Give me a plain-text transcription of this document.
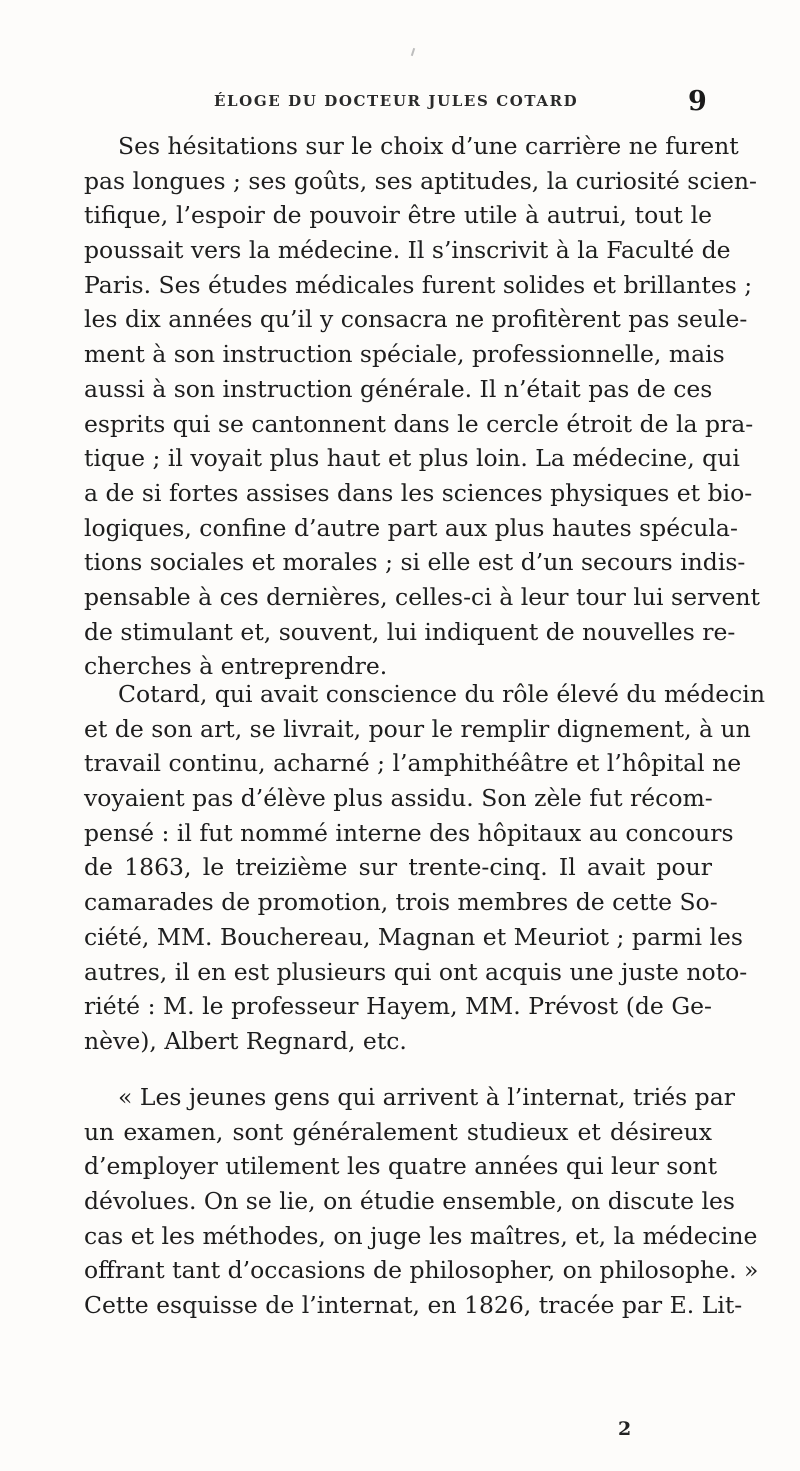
ÉLOGE DU DOCTEUR JULES COTARD	9
Ses hésitations sur le choix d’une carrière ne furent
pas longues ; ses goûts, ses aptitudes, la curiosité scien-
tifique, l’espoir de pouvoir être utile à autrui, tout le
poussait vers la médecine. Il s’inscrivit à la Faculté de
Paris. Ses études médicales furent solides et brillantes ;
les dix années qu’il y consacra ne profitèrent pas seule-
ment à son instruction spéciale, professionnelle, mais
aussi à son instruction générale. Il n’était pas de ces
esprits qui se cantonnent dans le cercle étroit de la pra-
tique ; il voyait plus haut et plus loin. La médecine, qui
a de si fortes assises dans les sciences physiques et bio-
logiques, confine d’autre part aux plus hautes spécula-
tions sociales et morales ; si elle est d’un secours indis-
pensable à ces dernières, celles-ci à leur tour lui servent
de stimulant et, souvent, lui indiquent de nouvelles re-
cherches à entreprendre.
Cotard, qui avait conscience du rôle élevé du médecin
et de son art, se livrait, pour le remplir dignement, à un
travail continu, acharné ; l’amphithéâtre et l’hôpital ne
voyaient pas d’élève plus assidu. Son zèle fut récom-
pensé : il fut nommé interne des hôpitaux au concours
de 1863, le treizième sur trente-cinq. Il avait pour
camarades de promotion, trois membres de cette So-
ciété, MM. Bouchereau, Magnan et Meuriot ; parmi les
autres, il en est plusieurs qui ont acquis une juste noto-
riété : M. le professeur Hayem, MM. Prévost (de Ge-
nève), Albert Regnard, etc.
« Les jeunes gens qui arrivent à l’internat, triés par
un examen, sont généralement studieux et désireux
d’employer utilement les quatre années qui leur sont
dévolues. On se lie, on étudie ensemble, on discute les
cas et les méthodes, on juge les maîtres, et, la médecine
offrant tant d’occasions de philosopher, on philosophe. »
Cette esquisse de l’internat, en 1826, tracée par E. Lit-
2
